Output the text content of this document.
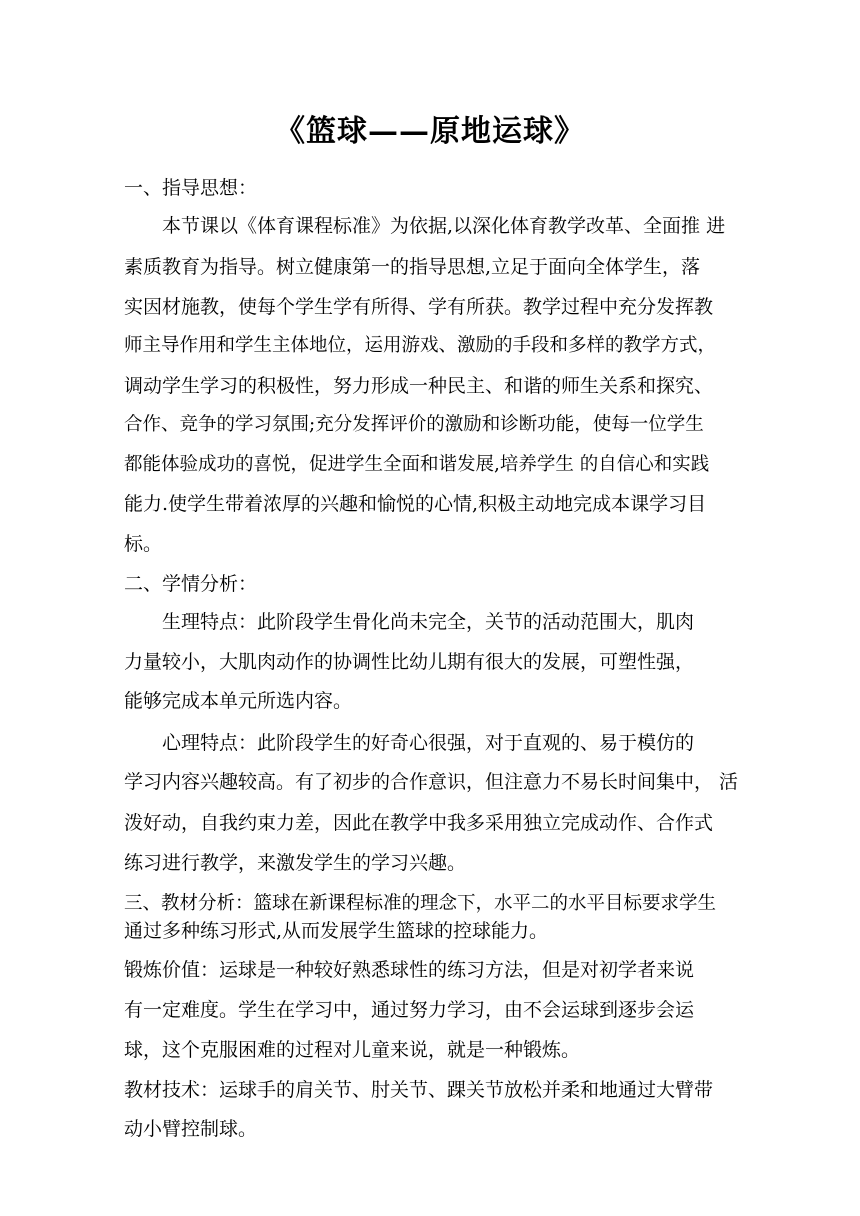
《篮球——原地运球》
一、指导思想：
本节课以《体育课程标准》为依据,以深化体育教学改革、全面推 进
素质教育为指导。树立健康第一的指导思想,立足于面向全体学生，落
实因材施教，使每个学生学有所得、学有所获。教学过程中充分发挥教
师主导作用和学生主体地位，运用游戏、激励的手段和多样的教学方式，
调动学生学习的积极性，努力形成一种民主、和谐的师生关系和探究、
合作、竞争的学习氛围;充分发挥评价的激励和诊断功能，使每一位学生
都能体验成功的喜悦，促进学生全面和谐发展,培养学生 的自信心和实践
能力.使学生带着浓厚的兴趣和愉悦的心情,积极主动地完成本课学习目
标。
二、学情分析：
生理特点：此阶段学生骨化尚未完全，关节的活动范围大，肌肉
力量较小，大肌肉动作的协调性比幼儿期有很大的发展，可塑性强，
能够完成本单元所选内容。
心理特点：此阶段学生的好奇心很强，对于直观的、易于模仿的
学习内容兴趣较高。有了初步的合作意识，但注意力不易长时间集中， 活
泼好动，自我约束力差，因此在教学中我多采用独立完成动作、合作式
练习进行教学，来激发学生的学习兴趣。
三、教材分析：篮球在新课程标准的理念下，水平二的水平目标要求学生
通过多种练习形式,从而发展学生篮球的控球能力。
锻炼价值：运球是一种较好熟悉球性的练习方法，但是对初学者来说
有一定难度。学生在学习中，通过努力学习，由不会运球到逐步会运
球，这个克服困难的过程对儿童来说，就是一种锻炼。
教材技术：运球手的肩关节、肘关节、踝关节放松并柔和地通过大臂带
动小臂控制球。
